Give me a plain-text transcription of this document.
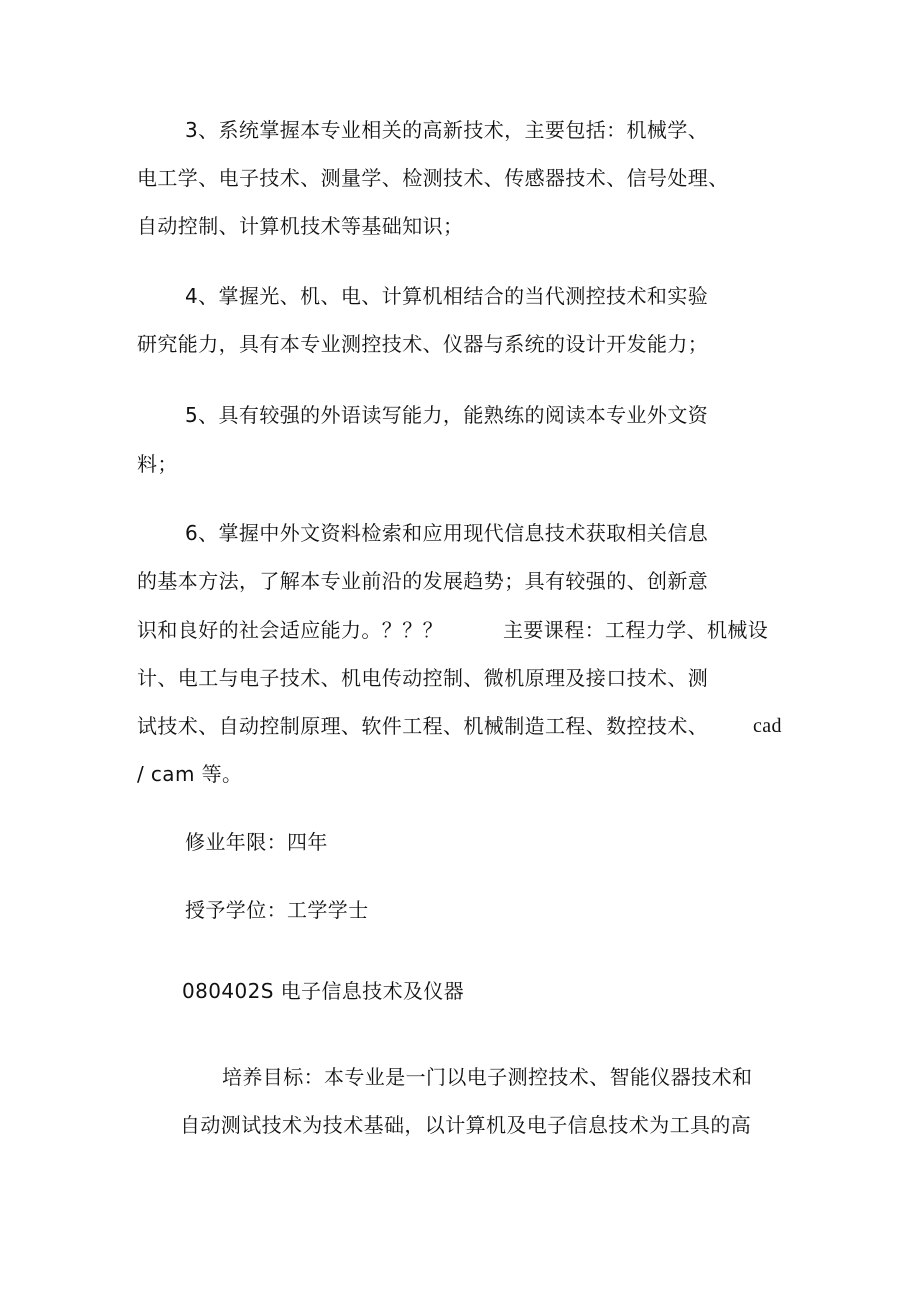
3、系统掌握本专业相关的高新技术，主要包括：机械学、
电工学、电子技术、测量学、检测技术、传感器技术、信号处理、
自动控制、计算机技术等基础知识；
4、掌握光、机、电、计算机相结合的当代测控技术和实验
研究能力，具有本专业测控技术、仪器与系统的设计开发能力；
5、具有较强的外语读写能力，能熟练的阅读本专业外文资
料；
6、掌握中外文资料检索和应用现代信息技术获取相关信息
的基本方法，了解本专业前沿的发展趋势；具有较强的、创新意
识和良好的社会适应能力。？？？	主要课程：工程力学、机械设
计、电工与电子技术、机电传动控制、微机原理及接口技术、测
试技术、自动控制原理、软件工程、机械制造工程、数控技术、 cad
/ cam 等。
修业年限：四年
授予学位：工学学士
080402S 电子信息技术及仪器
培养目标：本专业是一门以电子测控技术、智能仪器技术和
自动测试技术为技术基础，以计算机及电子信息技术为工具的高
